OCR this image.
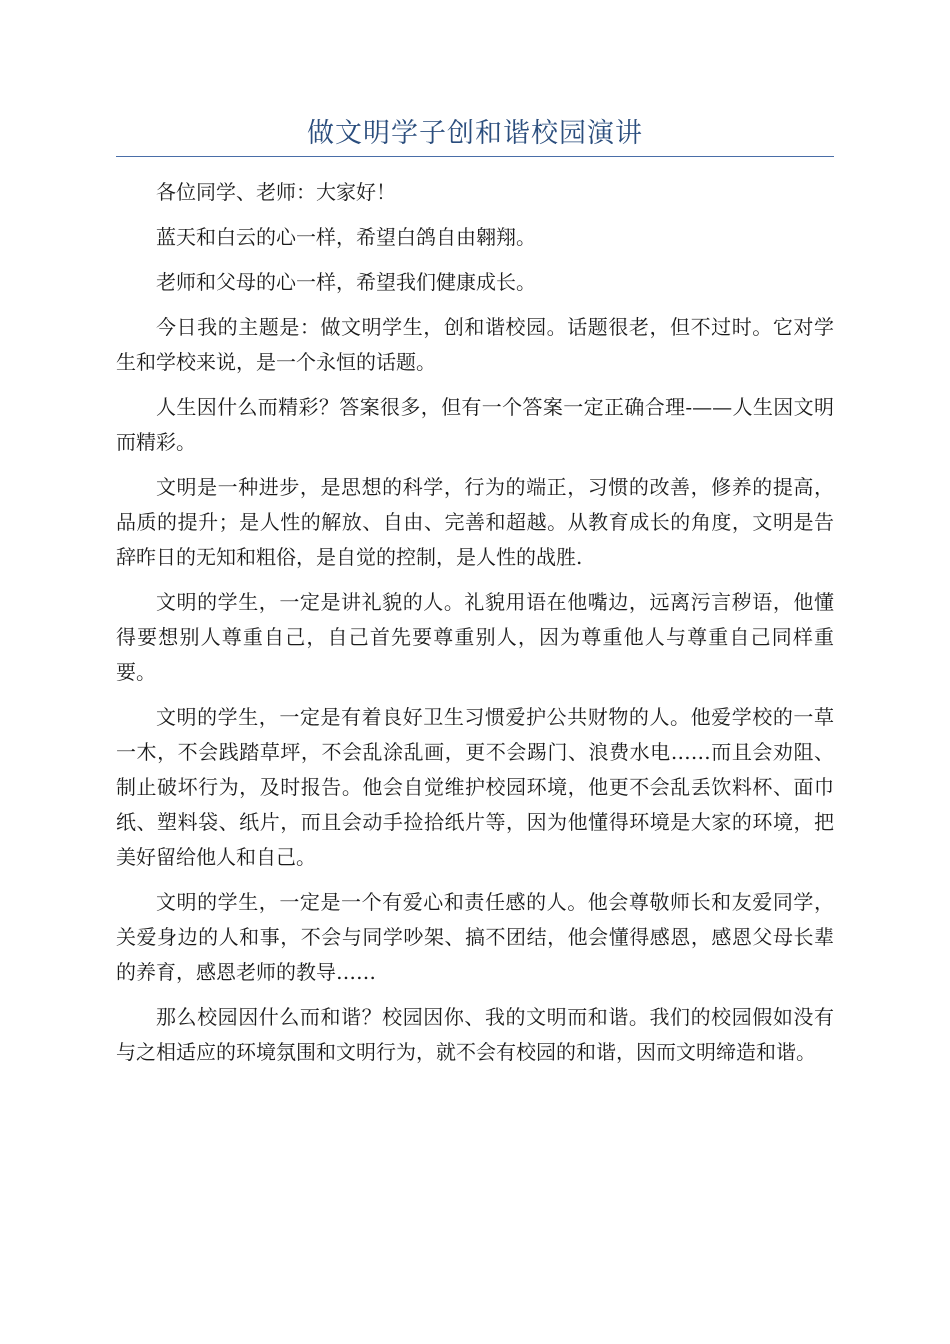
做文明学子创和谐校园演讲

各位同学、老师：大家好！

蓝天和白云的心一样，希望白鸽自由翱翔。

老师和父母的心一样，希望我们健康成长。

今日我的主题是：做文明学生，创和谐校园。话题很老，但不过时。它对学生和学校来说，是一个永恒的话题。

人生因什么而精彩？答案很多，但有一个答案一定正确合理-——人生因文明而精彩。

文明是一种进步，是思想的科学，行为的端正，习惯的改善，修养的提高，品质的提升；是人性的解放、自由、完善和超越。从教育成长的角度，文明是告辞昨日的无知和粗俗，是自觉的控制，是人性的战胜.

文明的学生，一定是讲礼貌的人。礼貌用语在他嘴边，远离污言秽语，他懂得要想别人尊重自己，自己首先要尊重别人，因为尊重他人与尊重自己同样重要。

文明的学生，一定是有着良好卫生习惯爱护公共财物的人。他爱学校的一草一木，不会践踏草坪，不会乱涂乱画，更不会踢门、浪费水电……而且会劝阻、制止破坏行为，及时报告。他会自觉维护校园环境，他更不会乱丢饮料杯、面巾纸、塑料袋、纸片，而且会动手捡拾纸片等，因为他懂得环境是大家的环境，把美好留给他人和自己。

文明的学生，一定是一个有爱心和责任感的人。他会尊敬师长和友爱同学，关爱身边的人和事，不会与同学吵架、搞不团结，他会懂得感恩，感恩父母长辈的养育，感恩老师的教导……

那么校园因什么而和谐？校园因你、我的文明而和谐。我们的校园假如没有与之相适应的环境氛围和文明行为，就不会有校园的和谐，因而文明缔造和谐。
